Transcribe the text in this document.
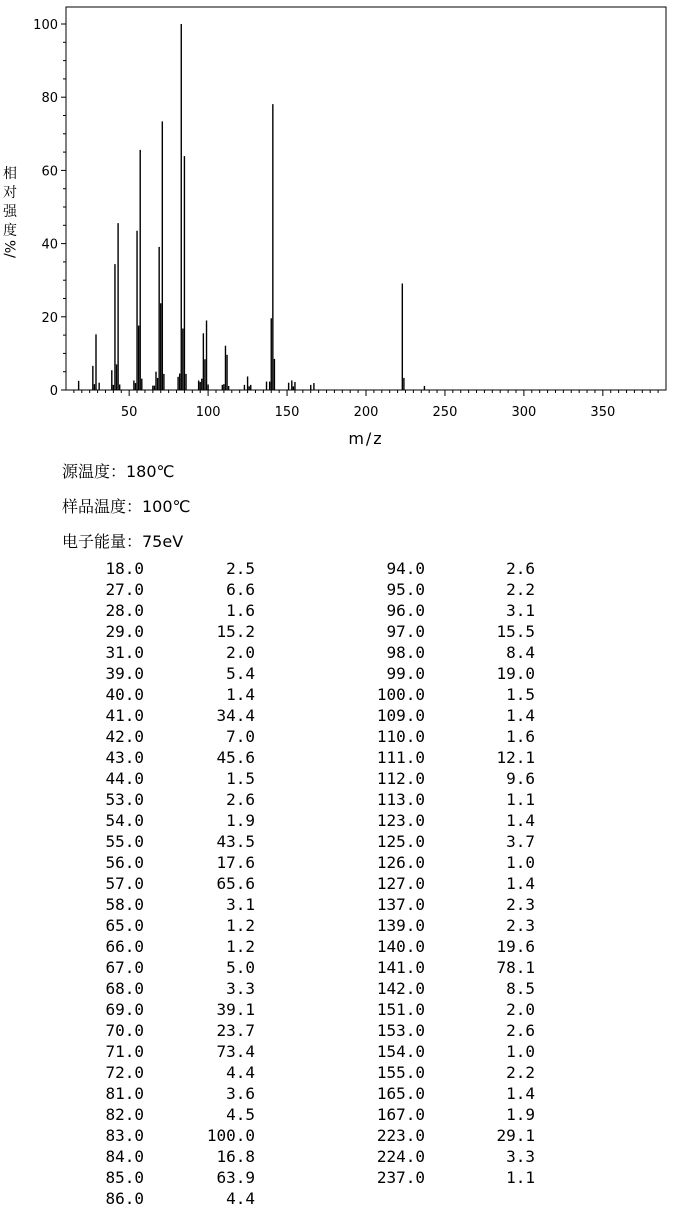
相
对
强
度
%/
0
20
40
60
80
100
50	100	150	200	250	300	350
m/z
源温度：180℃
样品温度：100℃
电子能量：75eV
18.0	2.5
27.0	6.6
28.0	1.6
29.0	15.2
31.0	2.0
39.0	5.4
40.0	1.4
41.0	34.4
42.0	7.0
43.0	45.6
44.0	1.5
53.0	2.6
54.0	1.9
55.0	43.5
56.0	17.6
57.0	65.6
58.0	3.1
65.0	1.2
66.0	1.2
67.0	5.0
68.0	3.3
69.0	39.1
70.0	23.7
71.0	73.4
72.0	4.4
81.0	3.6
82.0	4.5
83.0	100.0
84.0	16.8
85.0	63.9
86.0	4.4
94.0	2.6
95.0	2.2
96.0	3.1
97.0	15.5
98.0	8.4
99.0	19.0
100.0	1.5
109.0	1.4
110.0	1.6
111.0	12.1
112.0	9.6
113.0	1.1
123.0	1.4
125.0	3.7
126.0	1.0
127.0	1.4
137.0	2.3
139.0	2.3
140.0	19.6
141.0	78.1
142.0	8.5
151.0	2.0
153.0	2.6
154.0	1.0
155.0	2.2
165.0	1.4
167.0	1.9
223.0	29.1
224.0	3.3
237.0	1.1
